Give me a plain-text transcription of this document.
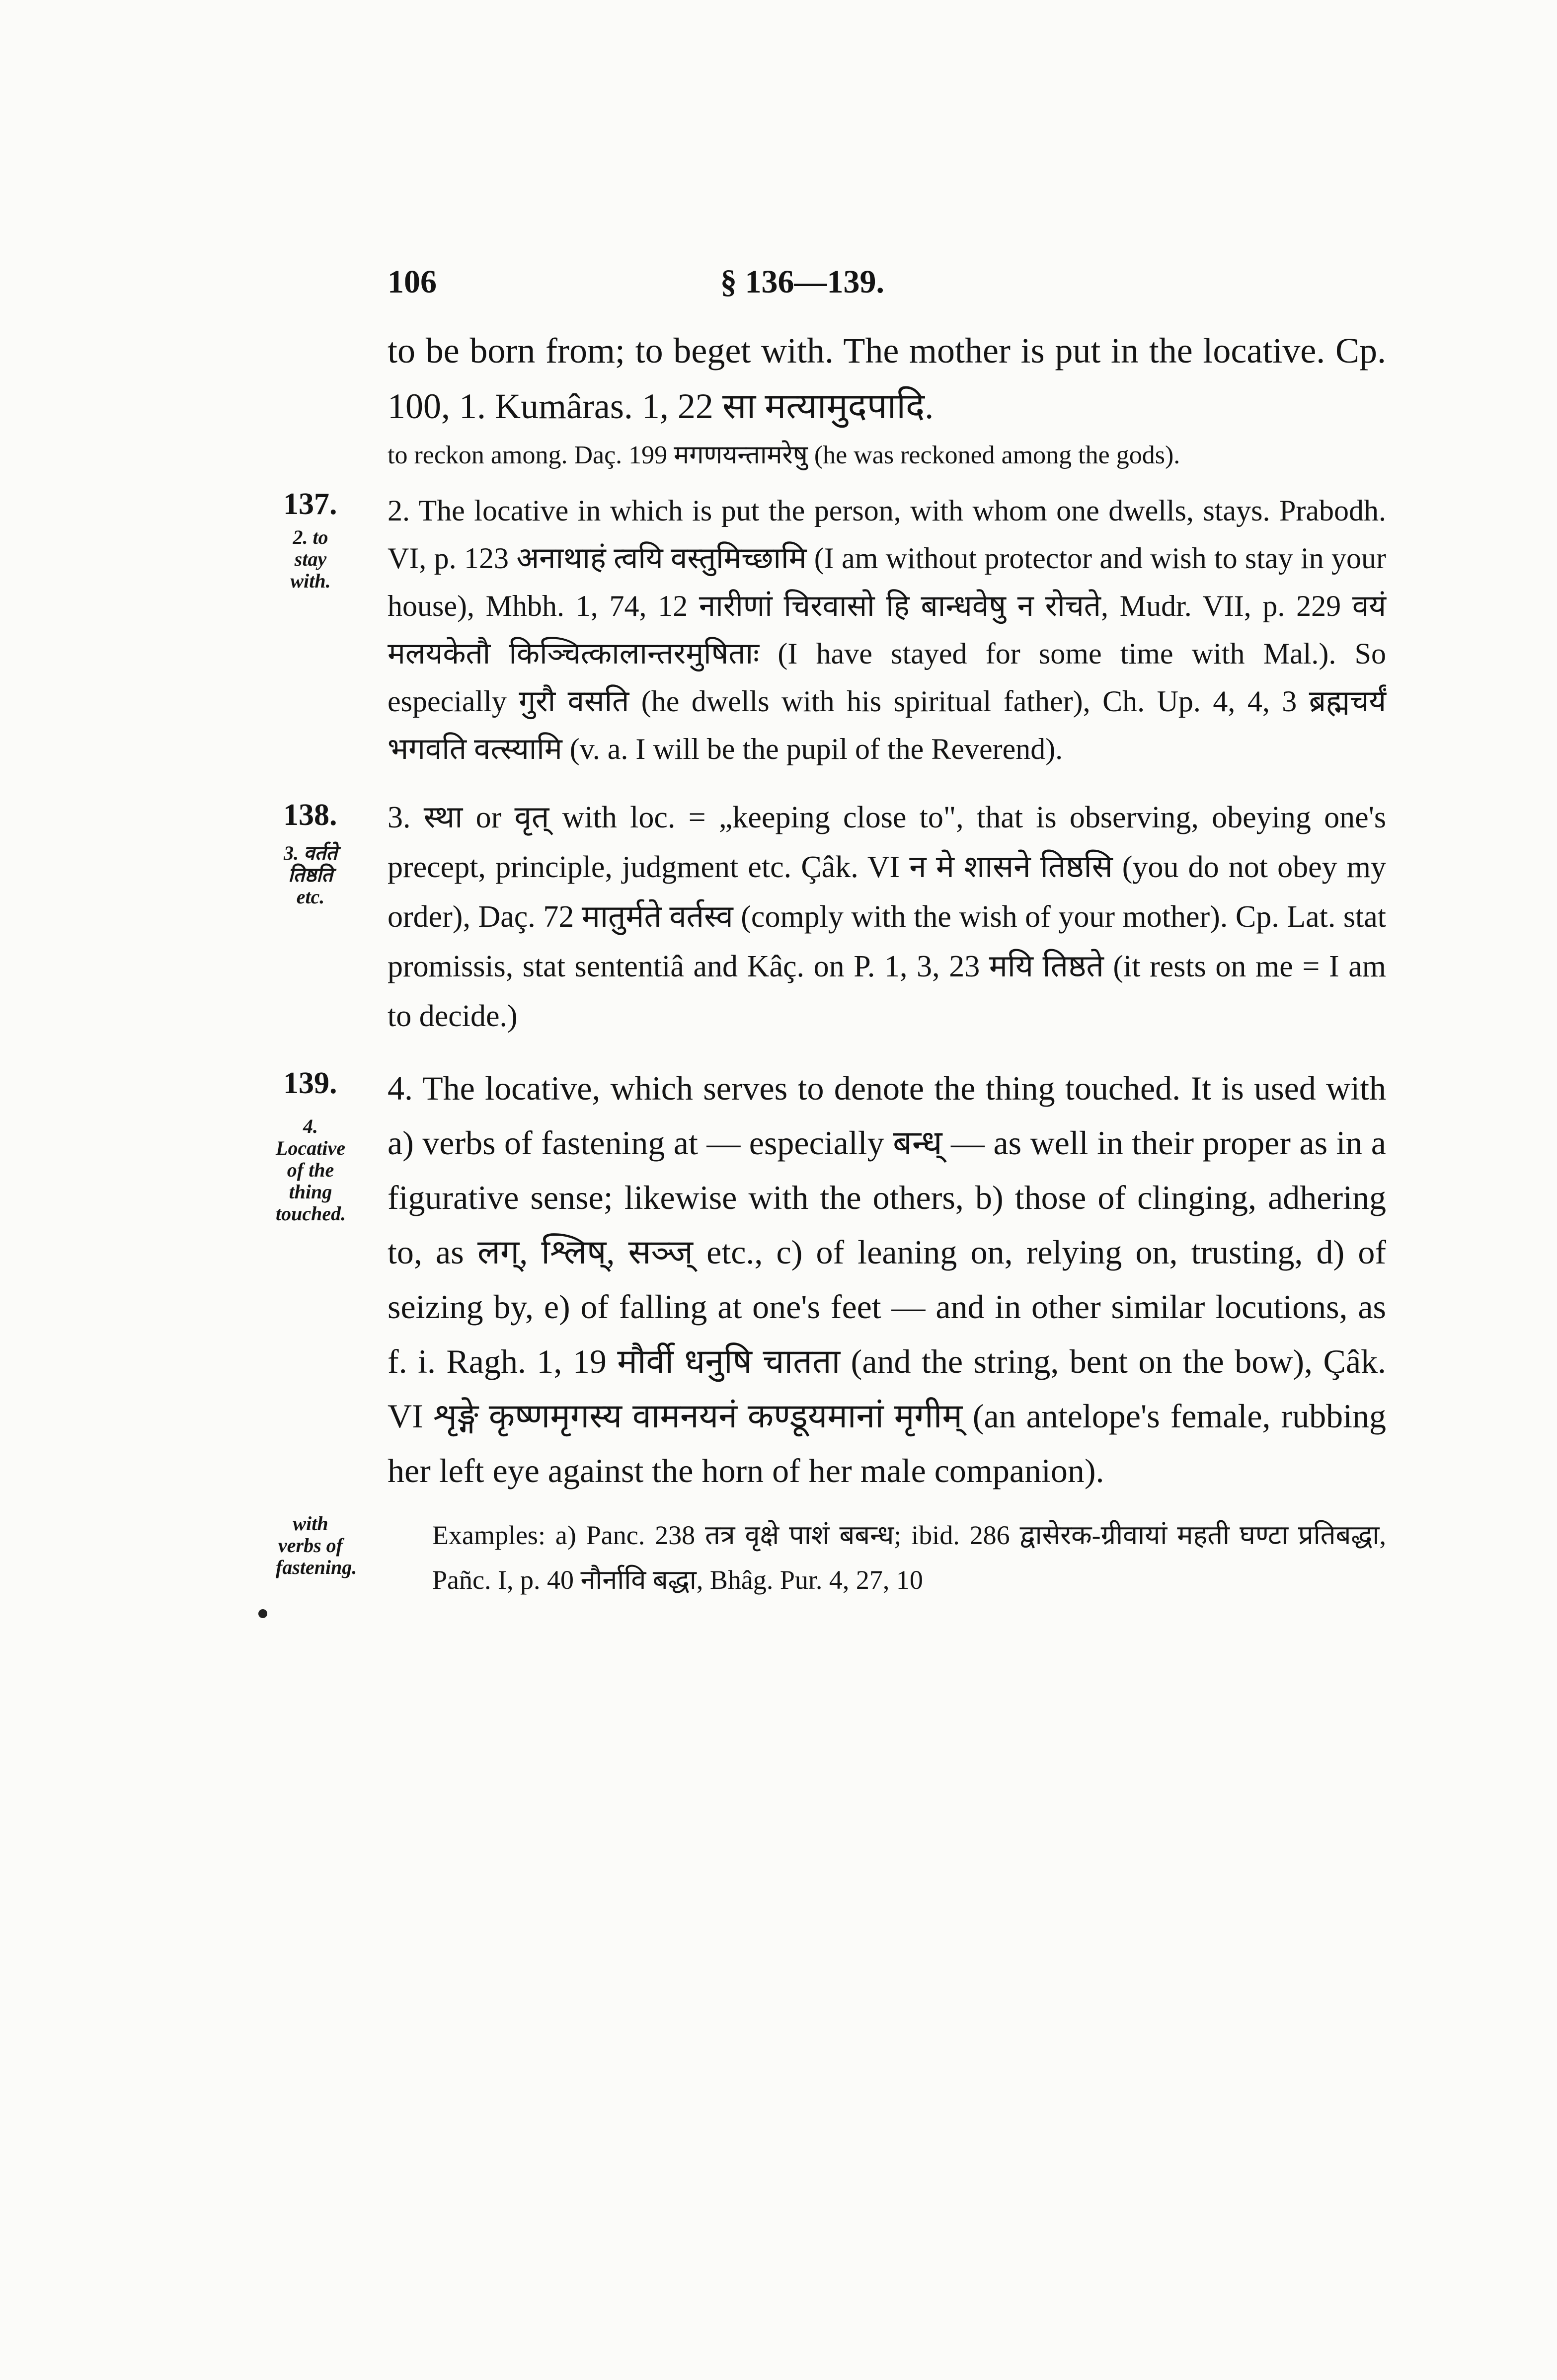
106	§ 136—139.
to be born from; to beget with. The mother is put in the locative. Cp. 100, 1. Kumâras. 1, 22 सा मत्यामुदपादि.
to reckon among. Daç. 199 मगणयन्तामरेषु (he was reckoned among the gods).
137.
2. to stay with.
2. The locative in which is put the person, with whom one dwells, stays. Prabodh. VI, p. 123 अनाथाहं त्वयि वस्तुमिच्छामि (I am without protector and wish to stay in your house), Mhbh. 1, 74, 12 नारीणां चिरवासो हि बान्धवेषु न रोचते, Mudr. VII, p. 229 वयं मलयकेतौ किञ्चित्कालान्तरमुषिताः (I have stayed for some time with Mal.). So especially गुरौ वसति (he dwells with his spiritual father), Ch. Up. 4, 4, 3 ब्रह्मचर्यं भगवति वत्स्यामि (v. a. I will be the pupil of the Reverend).
138.
3. वर्तते तिष्ठति etc.
3. स्था or वृत् with loc. = „keeping close to", that is observing, obeying one's precept, principle, judgment etc. Çâk. VI न मे शासने तिष्ठसि (you do not obey my order), Daç. 72 मातुर्मते वर्तस्व (comply with the wish of your mother). Cp. Lat. stat promissis, stat sententiâ and Kâç. on P. 1, 3, 23 मयि तिष्ठते (it rests on me = I am to decide.)
139.
4. Locative of the thing touched.
4. The locative, which serves to denote the thing touched. It is used with a) verbs of fastening at — especially बन्ध् — as well in their proper as in a figurative sense; likewise with the others, b) those of clinging, adhering to, as लग्, श्लिष्, सञ्ज् etc., c) of leaning on, relying on, trusting, d) of seizing by, e) of falling at one's feet — and in other similar locutions, as f. i. Ragh. 1, 19 मौर्वी धनुषि चातता (and the string, bent on the bow), Çâk. VI शृङ्गे कृष्णमृगस्य वामनयनं कण्डूयमानां मृगीम् (an antelope's female, rubbing her left eye against the horn of her male companion).
with verbs of fastening.
Examples: a) Panc. 238 तत्र वृक्षे पाशं बबन्ध; ibid. 286 द्वासेरक-ग्रीवायां महती घण्टा प्रतिबद्धा, Pañc. I, p. 40 नौर्नावि बद्धा, Bhâg. Pur. 4, 27, 10
